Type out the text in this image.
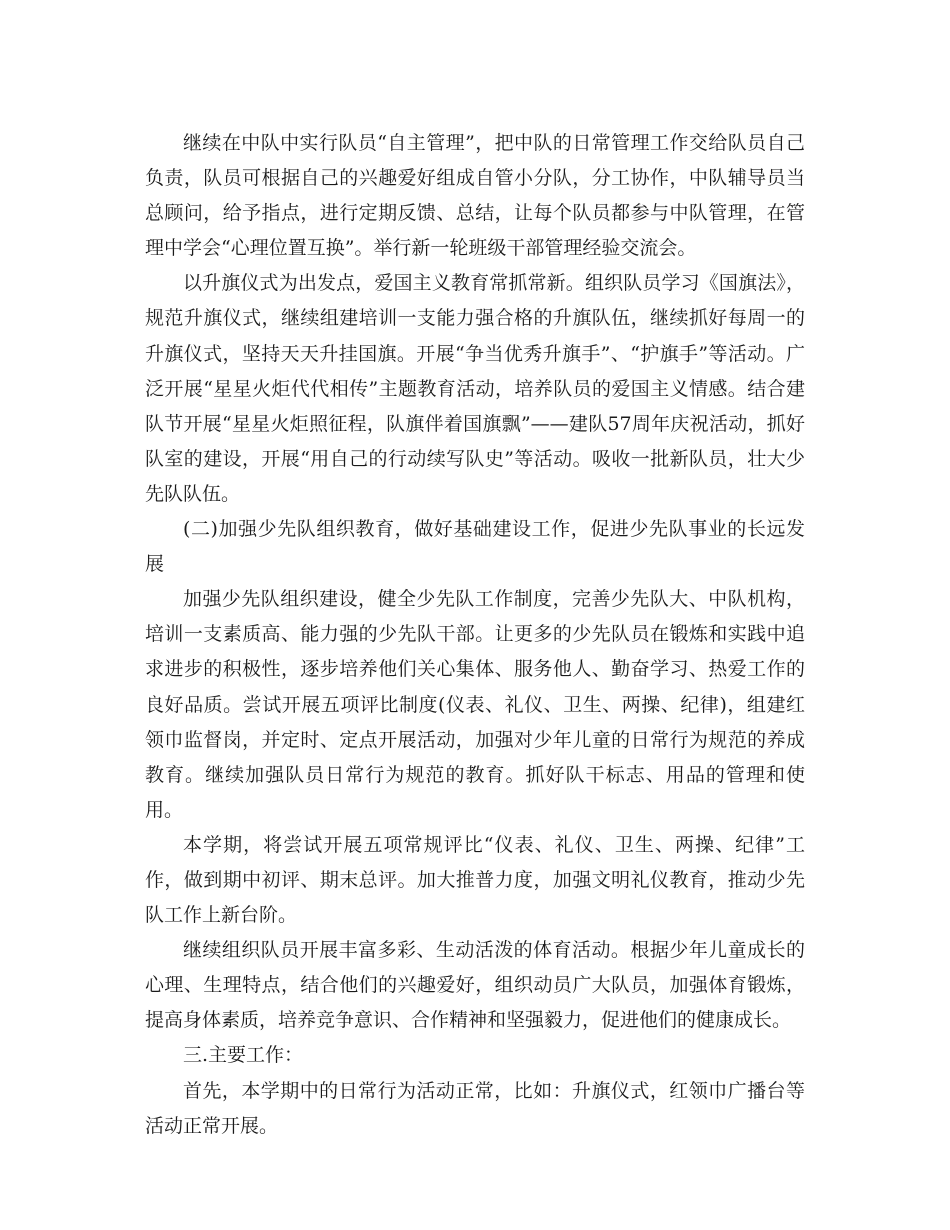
继续在中队中实行队员“自主管理”，把中队的日常管理工作交给队员自己负责，队员可根据自己的兴趣爱好组成自管小分队，分工协作，中队辅导员当总顾问，给予指点，进行定期反馈、总结，让每个队员都参与中队管理，在管理中学会“心理位置互换”。举行新一轮班级干部管理经验交流会。

以升旗仪式为出发点，爱国主义教育常抓常新。组织队员学习《国旗法》，规范升旗仪式，继续组建培训一支能力强合格的升旗队伍，继续抓好每周一的升旗仪式，坚持天天升挂国旗。开展“争当优秀升旗手”、“护旗手”等活动。广泛开展“星星火炬代代相传”主题教育活动，培养队员的爱国主义情感。结合建队节开展“星星火炬照征程，队旗伴着国旗飘”——建队57周年庆祝活动，抓好队室的建设，开展“用自己的行动续写队史”等活动。吸收一批新队员，壮大少先队队伍。

(二)加强少先队组织教育，做好基础建设工作，促进少先队事业的长远发展

加强少先队组织建设，健全少先队工作制度，完善少先队大、中队机构，培训一支素质高、能力强的少先队干部。让更多的少先队员在锻炼和实践中追求进步的积极性，逐步培养他们关心集体、服务他人、勤奋学习、热爱工作的良好品质。尝试开展五项评比制度(仪表、礼仪、卫生、两操、纪律)，组建红领巾监督岗，并定时、定点开展活动，加强对少年儿童的日常行为规范的养成教育。继续加强队员日常行为规范的教育。抓好队干标志、用品的管理和使用。

本学期，将尝试开展五项常规评比“仪表、礼仪、卫生、两操、纪律”工作，做到期中初评、期末总评。加大推普力度，加强文明礼仪教育，推动少先队工作上新台阶。

继续组织队员开展丰富多彩、生动活泼的体育活动。根据少年儿童成长的心理、生理特点，结合他们的兴趣爱好，组织动员广大队员，加强体育锻炼，提高身体素质，培养竞争意识、合作精神和坚强毅力，促进他们的健康成长。

三.主要工作：

首先，本学期中的日常行为活动正常，比如：升旗仪式，红领巾广播台等活动正常开展。
